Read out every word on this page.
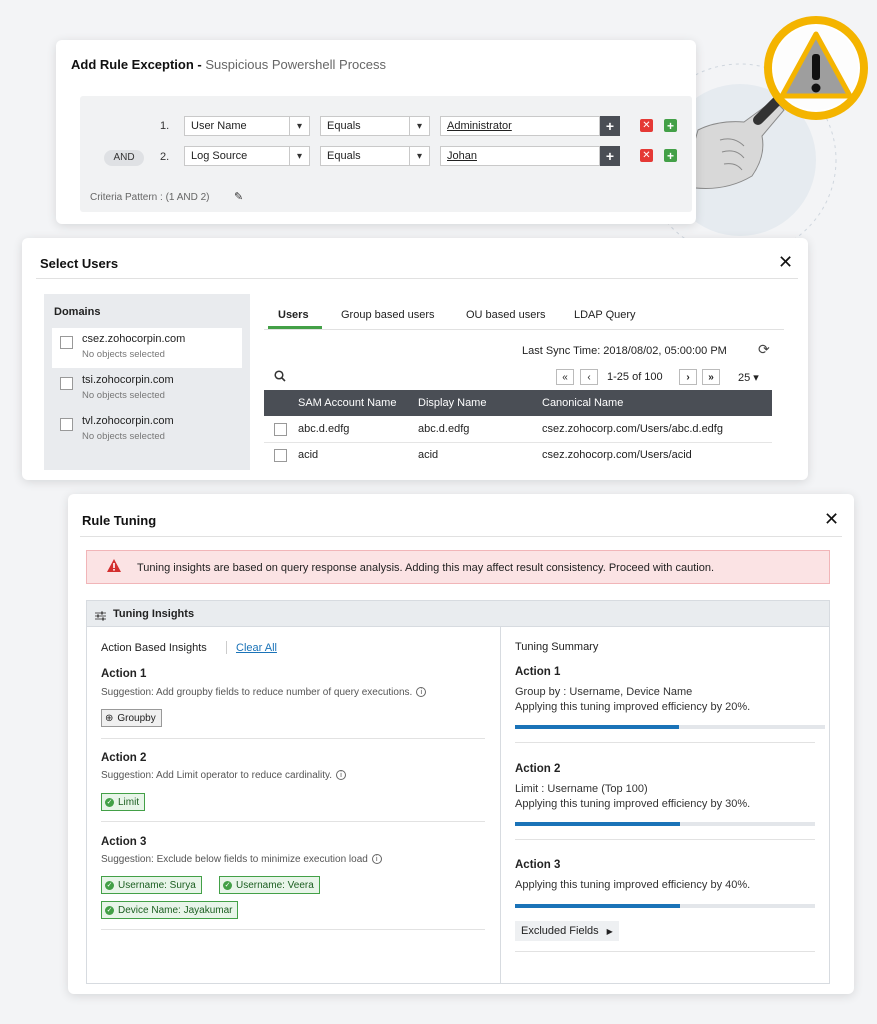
Add Rule Exception - Suspicious Powershell Process
1.	User Name	▾	Equals	▾	Administrator	+	✕ +
AND	2.	Log Source	▾	Equals	▾	Johan	+	✕ +
Criteria Pattern : (1 AND 2) ✎
Select Users	✕
Domains
csez.zohocorpin.com
No objects selected
tsi.zohocorpin.com
No objects selected
tvl.zohocorpin.com
No objects selected
Users	Group based users	OU based users	LDAP Query
Last Sync Time: 2018/08/02, 05:00:00 PM ⟳
«	‹	1-25 of 100	›	»	25 ▾
	SAM Account Name	Display Name	Canonical Name
	abc.d.edfg	abc.d.edfg	csez.zohocorp.com/Users/abc.d.edfg
	acid	acid	csez.zohocorp.com/Users/acid
Rule Tuning	✕
Tuning insights are based on query response analysis. Adding this may affect result consistency. Proceed with caution.
Tuning Insights
Action Based Insights	Clear All
Action 1
Suggestion: Add groupby fields to reduce number of query executions. i
⊕ Groupby
Action 2
Suggestion: Add Limit operator to reduce cardinality. i
✓ Limit
Action 3
Suggestion: Exclude below fields to minimize execution load i
✓ Username: Surya	✓ Username: Veera
✓ Device Name: Jayakumar
Tuning Summary
Action 1
Group by : Username, Device Name
Applying this tuning improved efficiency by 20%.
Action 2
Limit : Username (Top 100)
Applying this tuning improved efficiency by 30%.
Action 3
Applying this tuning improved efficiency by 40%.
Excluded Fields ▶
